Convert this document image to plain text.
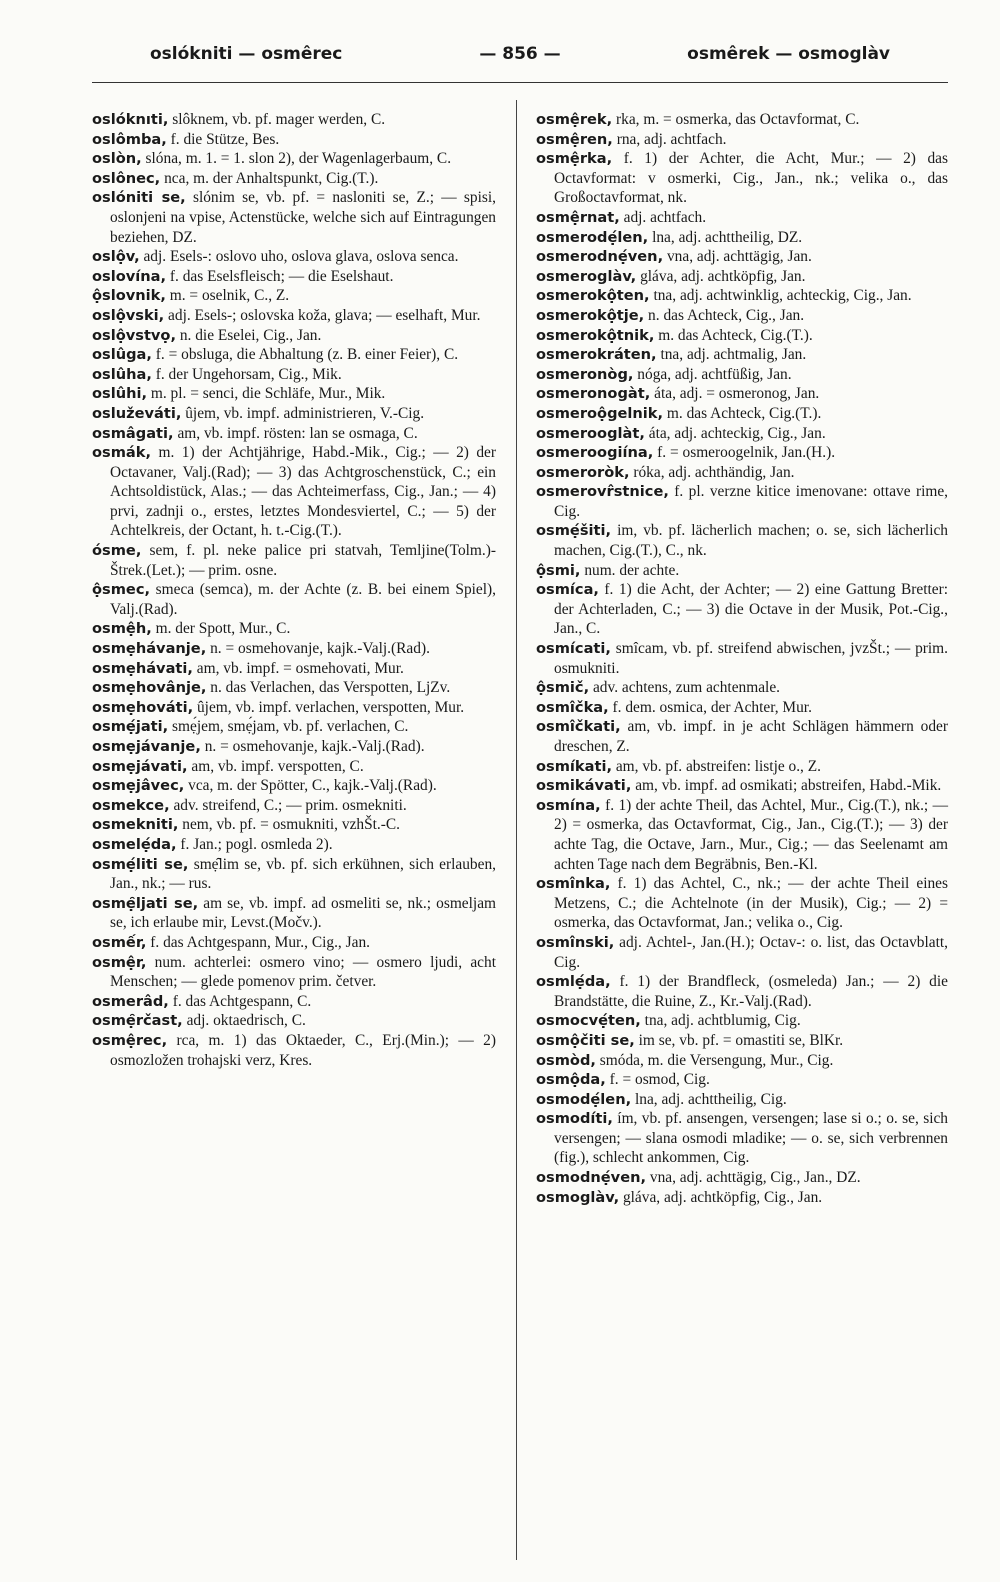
oslókniti — osmêrec	— 856 —	osmêrek — osmoglàv

oslóknıti, slôknem, vb. pf. mager werden, C.

oslômba, f. die Stütze, Bes.

oslòn, slóna, m. 1. = 1. slon 2), der Wagenlagerbaum, C.

oslônec, nca, m. der Anhaltspunkt, Cig.(T.).

oslóniti se, slónim se, vb. pf. = nasloniti se, Z.; — spisi, oslonjeni na vpise, Actenstücke, welche sich auf Eintragungen beziehen, DZ.

oslộv, adj. Esels-: oslovo uho, oslova glava, oslova senca.

oslovína, f. das Eselsfleisch; — die Eselshaut.

ộslovnik, m. = oselnik, C., Z.

oslộvski, adj. Esels-; oslovska koža, glava; — eselhaft, Mur.

oslộvstvọ, n. die Eselei, Cig., Jan.

oslûga, f. = obsluga, die Abhaltung (z. B. einer Feier), C.

oslûha, f. der Ungehorsam, Cig., Mik.

oslûhi, m. pl. = senci, die Schläfe, Mur., Mik.

osluževáti, ûjem, vb. impf. administrieren, V.-Cig.

osmâgati, am, vb. impf. rösten: lan se osmaga, C.

osmák, m. 1) der Achtjährige, Habd.-Mik., Cig.; — 2) der Octavaner, Valj.(Rad); — 3) das Achtgroschenstück, C.; ein Achtsoldistück, Alas.; — das Achteimerfass, Cig., Jan.; — 4) prvi, zadnji o., erstes, letztes Mondesviertel, C.; — 5) der Achtelkreis, der Octant, h. t.-Cig.(T.).

ósme, sem, f. pl. neke palice pri statvah, Temljine(Tolm.)-Štrek.(Let.); — prim. osne.

ộsmec, smeca (semca), m. der Achte (z. B. bei einem Spiel), Valj.(Rad).

osmệh, m. der Spott, Mur., C.

osmẹhávanje, n. = osmehovanje, kajk.-Valj.(Rad).

osmẹhávati, am, vb. impf. = osmehovati, Mur.

osmẹhovânje, n. das Verlachen, das Verspotten, LjZv.

osmẹhováti, ûjem, vb. impf. verlachen, verspotten, Mur.

osmẹ́jati, smẹ́jem, smẹ́jam, vb. pf. verlachen, C.

osmẹjávanje, n. = osmehovanje, kajk.-Valj.(Rad).

osmẹjávati, am, vb. impf. verspotten, C.

osmẹjâvec, vca, m. der Spötter, C., kajk.-Valj.(Rad).

osmekce, adv. streifend, C.; — prim. osmekniti.

osmekniti, nem, vb. pf. = osmukniti, vzhŠt.-C.

osmelẹ́da, f. Jan.; pogl. osmleda 2).

osmẹ́liti se, smẹ̑lim se, vb. pf. sich erkühnen, sich erlauben, Jan., nk.; — rus.

osmẹ̑ljati se, am se, vb. impf. ad osmeliti se, nk.; osmeljam se, ich erlaube mir, Levst.(Močv.).

osmếr, f. das Achtgespann, Mur., Cig., Jan.

osmệr, num. achterlei: osmero vino; — osmero ljudi, acht Menschen; — glede pomenov prim. četver.

osmerâd, f. das Achtgespann, C.

osmẹ̑rčast, adj. oktaedrisch, C.

osmệrec, rca, m. 1) das Oktaeder, C., Erj.(Min.); — 2) osmozložen trohajski verz, Kres.

osmệrek, rka, m. = osmerka, das Octavformat, C.

osmệren, rna, adj. achtfach.

osmệrka, f. 1) der Achter, die Acht, Mur.; — 2) das Octavformat: v osmerki, Cig., Jan., nk.; velika o., das Großoctavformat, nk.

osmệrnat, adj. achtfach.

osmerodẹ́len, lna, adj. achttheilig, DZ.

osmerodnẹ́ven, vna, adj. achttägig, Jan.

osmeroglàv, gláva, adj. achtköpfig, Jan.

osmerokộten, tna, adj. achtwinklig, achteckig, Cig., Jan.

osmerokộtje, n. das Achteck, Cig., Jan.

osmerokộtnik, m. das Achteck, Cig.(T.).

osmerokráten, tna, adj. achtmalig, Jan.

osmeronòg, nóga, adj. achtfüßig, Jan.

osmeronogàt, áta, adj. = osmeronog, Jan.

osmeroộgelnik, m. das Achteck, Cig.(T.).

osmerooglàt, áta, adj. achteckig, Cig., Jan.

osmeroogiína, f. = osmeroogelnik, Jan.(H.).

osmeroròk, róka, adj. achthändig, Jan.

osmerovr̂stnice, f. pl. verzne kitice imenovane: ottave rime, Cig.

osmẹ́šiti, im, vb. pf. lächerlich machen; o. se, sich lächerlich machen, Cig.(T.), C., nk.

ộsmi, num. der achte.

osmíca, f. 1) die Acht, der Achter; — 2) eine Gattung Bretter: der Achterladen, C.; — 3) die Octave in der Musik, Pot.-Cig., Jan., C.

osmícati, smîcam, vb. pf. streifend abwischen, jvzŠt.; — prim. osmukniti.

ộsmič, adv. achtens, zum achtenmale.

osmîčka, f. dem. osmica, der Achter, Mur.

osmîčkati, am, vb. impf. in je acht Schlägen hämmern oder dreschen, Z.

osmíkati, am, vb. pf. abstreifen: listje o., Z.

osmikávati, am, vb. impf. ad osmikati; abstreifen, Habd.-Mik.

osmína, f. 1) der achte Theil, das Achtel, Mur., Cig.(T.), nk.; — 2) = osmerka, das Octavformat, Cig., Jan., Cig.(T.); — 3) der achte Tag, die Octave, Jarn., Mur., Cig.; — das Seelenamt am achten Tage nach dem Begräbnis, Ben.-Kl.

osmînka, f. 1) das Achtel, C., nk.; — der achte Theil eines Metzens, C.; die Achtelnote (in der Musik), Cig.; — 2) = osmerka, das Octavformat, Jan.; velika o., Cig.

osmînski, adj. Achtel-, Jan.(H.); Octav-: o. list, das Octavblatt, Cig.

osmlẹ́da, f. 1) der Brandfleck, (osmeleda) Jan.; — 2) die Brandstätte, die Ruine, Z., Kr.-Valj.(Rad).

osmocvẹ́ten, tna, adj. achtblumig, Cig.

osmộčiti se, im se, vb. pf. = omastiti se, BlKr.

osmòd, smóda, m. die Versengung, Mur., Cig.

osmộda, f. = osmod, Cig.

osmodẹ́len, lna, adj. achttheilig, Cig.

osmodíti, ím, vb. pf. ansengen, versengen; lase si o.; o. se, sich versengen; — slana osmodi mladike; — o. se, sich verbrennen (fig.), schlecht ankommen, Cig.

osmodnẹ́ven, vna, adj. achttägig, Cig., Jan., DZ.

osmoglàv, gláva, adj. achtköpfig, Cig., Jan.
